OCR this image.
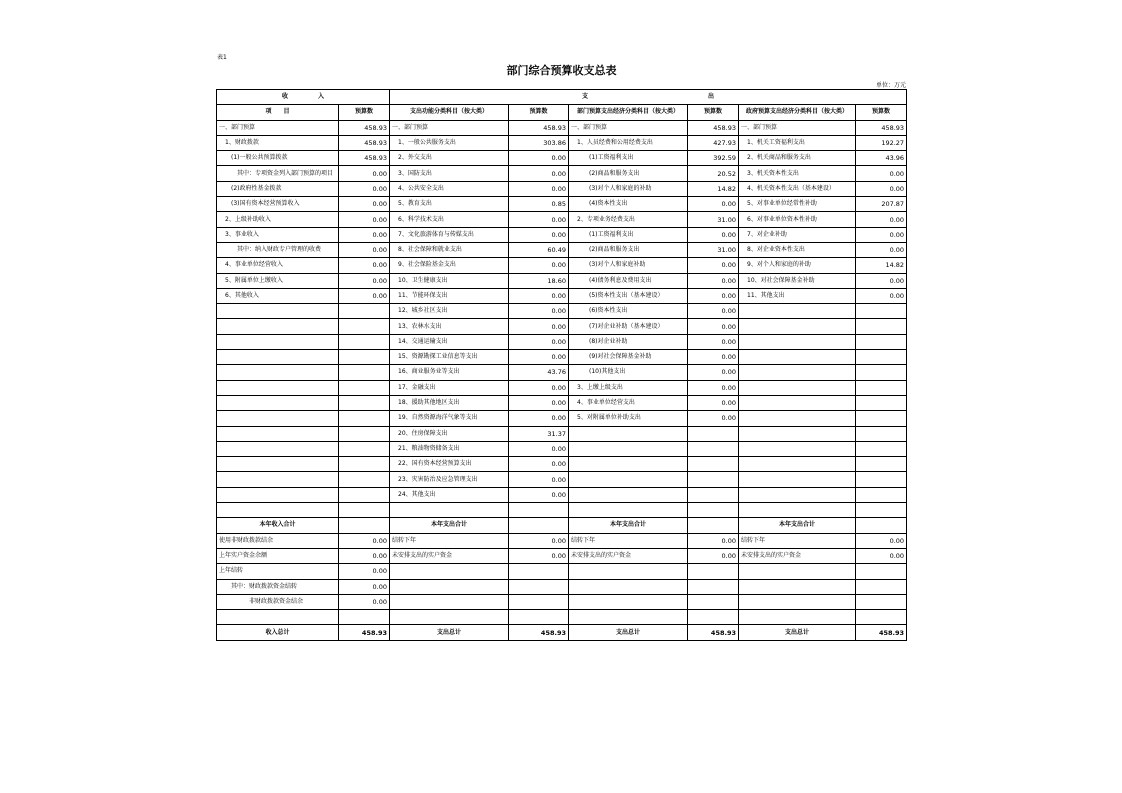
表1
部门综合预算收支总表
单位：万元
收　　　　　入		支　　　　　　　　　　　　　　　　　　　　出					
项　　目	预算数	支出功能分类科目（按大类）	预算数	部门预算支出经济分类科目（按大类）	预算数	政府预算支出经济分类科目（按大类）	预算数
一、部门预算	458.93	一、部门预算	458.93	一、部门预算	458.93	一、部门预算	458.93
　1、财政拨款	458.93	　1、一般公共服务支出	303.86	　1、人员经费和公用经费支出	427.93	　1、机关工资福利支出	192.27
　　(1)一般公共预算拨款	458.93	　2、外交支出	0.00	　　　(1)工资福利支出	392.59	　2、机关商品和服务支出	43.96
　　　其中：专项资金列入部门预算的项目	0.00	　3、国防支出	0.00	　　　(2)商品和服务支出	20.52	　3、机关资本性支出	0.00
　　(2)政府性基金拨款	0.00	　4、公共安全支出	0.00	　　　(3)对个人和家庭的补助	14.82	　4、机关资本性支出（基本建设）	0.00
　　(3)国有资本经营预算收入	0.00	　5、教育支出	0.85	　　　(4)资本性支出	0.00	　5、对事业单位经常性补助	207.87
　2、上级补助收入	0.00	　6、科学技术支出	0.00	　2、专项业务经费支出	31.00	　6、对事业单位资本性补助	0.00
　3、事业收入	0.00	　7、文化旅游体育与传媒支出	0.00	　　　(1)工资福利支出	0.00	　7、对企业补助	0.00
　　　其中：纳入财政专户管理的收费	0.00	　8、社会保障和就业支出	60.49	　　　(2)商品和服务支出	31.00	　8、对企业资本性支出	0.00
　4、事业单位经营收入	0.00	　9、社会保险基金支出	0.00	　　　(3)对个人和家庭补助	0.00	　9、对个人和家庭的补助	14.82
　5、附属单位上缴收入	0.00	　10、卫生健康支出	18.60	　　　(4)债务利息及费用支出	0.00	　10、对社会保障基金补助	0.00
　6、其他收入	0.00	　11、节能环保支出	0.00	　　　(5)资本性支出（基本建设）	0.00	　11、其他支出	0.00
		　12、城乡社区支出	0.00	　　　(6)资本性支出	0.00		
		　13、农林水支出	0.00	　　　(7)对企业补助（基本建设）	0.00		
		　14、交通运输支出	0.00	　　　(8)对企业补助	0.00		
		　15、资源勘探工业信息等支出	0.00	　　　(9)对社会保障基金补助	0.00		
		　16、商业服务业等支出	43.76	　　　(10)其他支出	0.00		
		　17、金融支出	0.00	　3、上缴上级支出	0.00		
		　18、援助其他地区支出	0.00	　4、事业单位经营支出	0.00		
		　19、自然资源海洋气象等支出	0.00	　5、对附属单位补助支出	0.00		
		　20、住房保障支出	31.37				
		　21、粮油物资储备支出	0.00				
		　22、国有资本经营预算支出	0.00				
		　23、灾害防治及应急管理支出	0.00				
		　24、其他支出	0.00				

本年收入合计		本年支出合计		本年支出合计		本年支出合计	
使用非财政拨款结余	0.00	结转下年	0.00	结转下年	0.00	结转下年	0.00
上年实户资金余额	0.00	未安排支出的实户资金	0.00	未安排支出的实户资金	0.00	未安排支出的实户资金	0.00
上年结转	0.00						
　　其中：财政拨款资金结转	0.00						
　　　　　非财政拨款资金结余	0.00						

收入总计	458.93	支出总计	458.93	支出总计	458.93	支出总计	458.93
